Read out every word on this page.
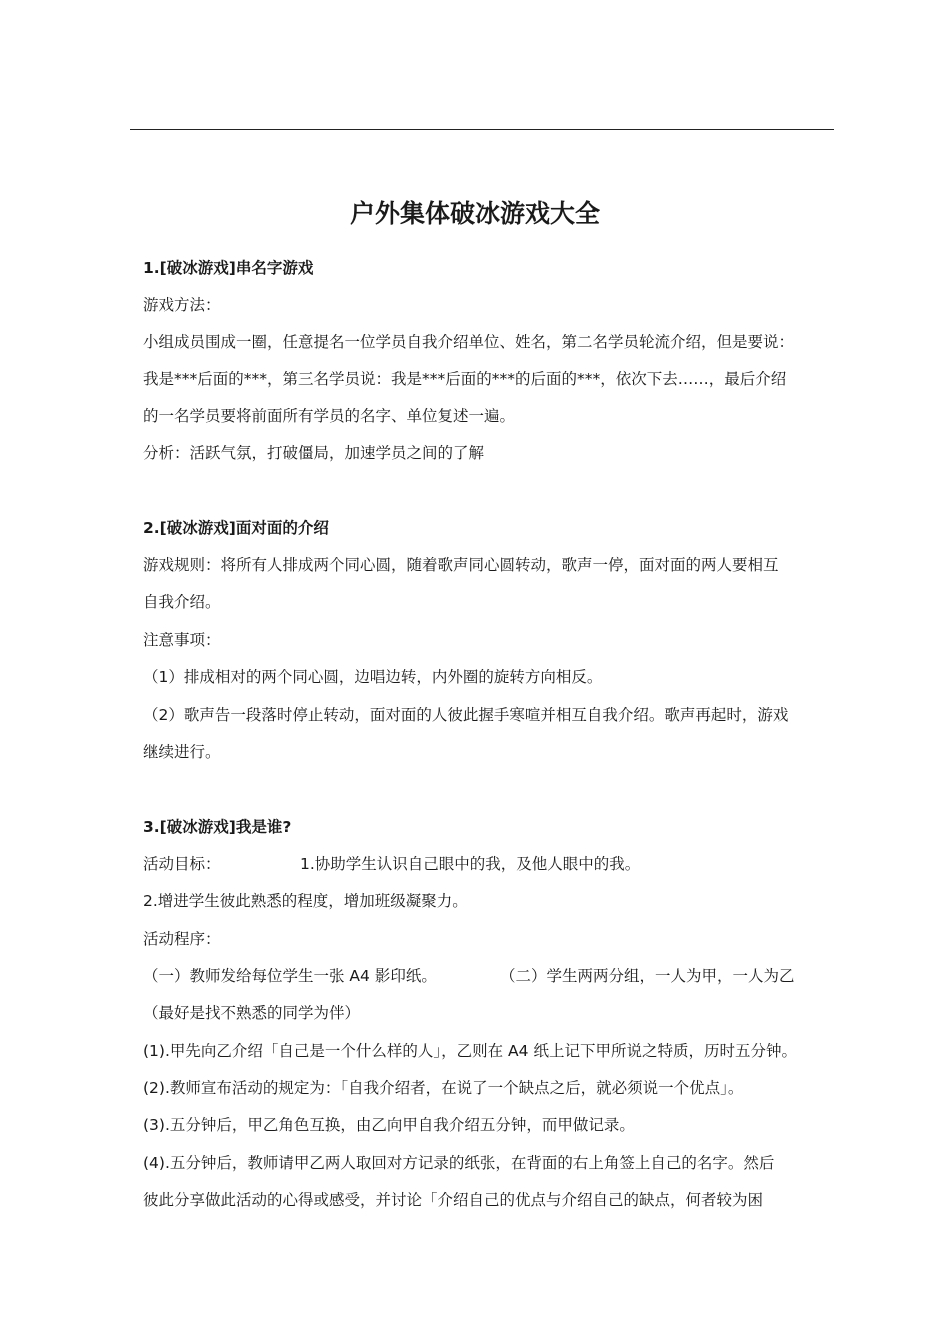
户外集体破冰游戏大全
1.[破冰游戏]串名字游戏
游戏方法：
小组成员围成一圈，任意提名一位学员自我介绍单位、姓名，第二名学员轮流介绍，但是要说：
我是***后面的***，第三名学员说：我是***后面的***的后面的***，依次下去……，最后介绍
的一名学员要将前面所有学员的名字、单位复述一遍。
分析：活跃气氛，打破僵局，加速学员之间的了解
2.[破冰游戏]面对面的介绍
游戏规则：将所有人排成两个同心圆，随着歌声同心圆转动，歌声一停，面对面的两人要相互
自我介绍。
注意事项：
（1）排成相对的两个同心圆，边唱边转，内外圈的旋转方向相反。
（2）歌声告一段落时停止转动，面对面的人彼此握手寒喧并相互自我介绍。歌声再起时，游戏
继续进行。
3.[破冰游戏]我是谁?
活动目标：	1.协助学生认识自己眼中的我，及他人眼中的我。
2.增进学生彼此熟悉的程度，增加班级凝聚力。
活动程序：
（一）教师发给每位学生一张 A4 影印纸。	（二）学生两两分组，一人为甲，一人为乙
（最好是找不熟悉的同学为伴）
(1).甲先向乙介绍「自己是一个什么样的人」，乙则在 A4 纸上记下甲所说之特质，历时五分钟。
(2).教师宣布活动的规定为：「自我介绍者，在说了一个缺点之后，就必须说一个优点」。
(3).五分钟后，甲乙角色互换，由乙向甲自我介绍五分钟，而甲做记录。
(4).五分钟后，教师请甲乙两人取回对方记录的纸张，在背面的右上角签上自己的名字。然后
彼此分享做此活动的心得或感受，并讨论「介绍自己的优点与介绍自己的缺点，何者较为困
